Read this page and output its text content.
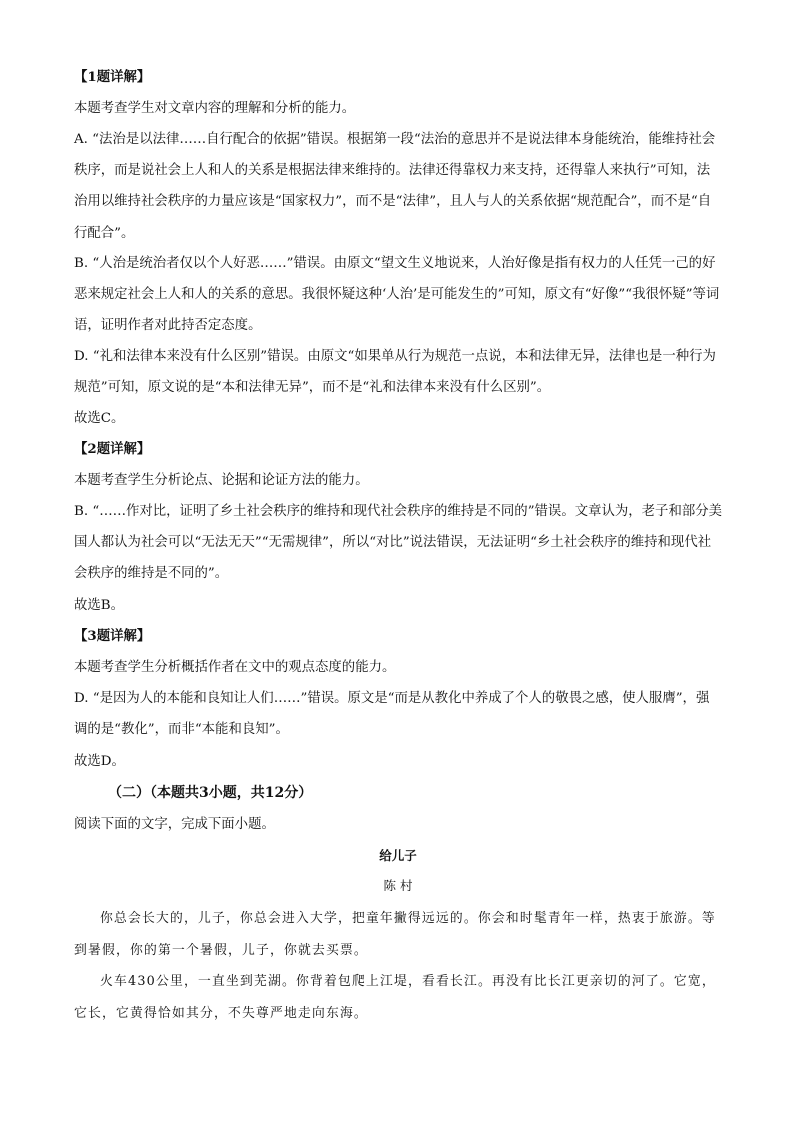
【1题详解】

本题考查学生对文章内容的理解和分析的能力。

A. “法治是以法律……自行配合的依据”错误。根据第一段“法治的意思并不是说法律本身能统治，能维持社会秩序，而是说社会上人和人的关系是根据法律来维持的。法律还得靠权力来支持，还得靠人来执行”可知，法治用以维持社会秩序的力量应该是“国家权力”，而不是“法律”，且人与人的关系依据“规范配合”，而不是“自行配合”。

B. “人治是统治者仅以个人好恶……”错误。由原文“望文生义地说来，人治好像是指有权力的人任凭一己的好恶来规定社会上人和人的关系的意思。我很怀疑这种‘人治’是可能发生的”可知，原文有“好像”“我很怀疑”等词语，证明作者对此持否定态度。

D. “礼和法律本来没有什么区别”错误。由原文“如果单从行为规范一点说，本和法律无异，法律也是一种行为规范”可知，原文说的是“本和法律无异”，而不是“礼和法律本来没有什么区别”。

故选C。

【2题详解】

本题考查学生分析论点、论据和论证方法的能力。

B. “……作对比，证明了乡土社会秩序的维持和现代社会秩序的维持是不同的”错误。文章认为，老子和部分美国人都认为社会可以“无法无天”“无需规律”，所以“对比”说法错误，无法证明“乡土社会秩序的维持和现代社会秩序的维持是不同的”。

故选B。

【3题详解】

本题考查学生分析概括作者在文中的观点态度的能力。

D. “是因为人的本能和良知让人们……”错误。原文是“而是从教化中养成了个人的敬畏之感，使人服膺”，强调的是“教化”，而非“本能和良知”。

故选D。

（二）（本题共3小题，共12分）

阅读下面的文字，完成下面小题。

给儿子
陈 村

你总会长大的，儿子，你总会进入大学，把童年撇得远远的。你会和时髦青年一样，热衷于旅游。等到暑假，你的第一个暑假，儿子，你就去买票。

火车430公里，一直坐到芜湖。你背着包爬上江堤，看看长江。再没有比长江更亲切的河了。它宽，它长，它黄得恰如其分，不失尊严地走向东海。
